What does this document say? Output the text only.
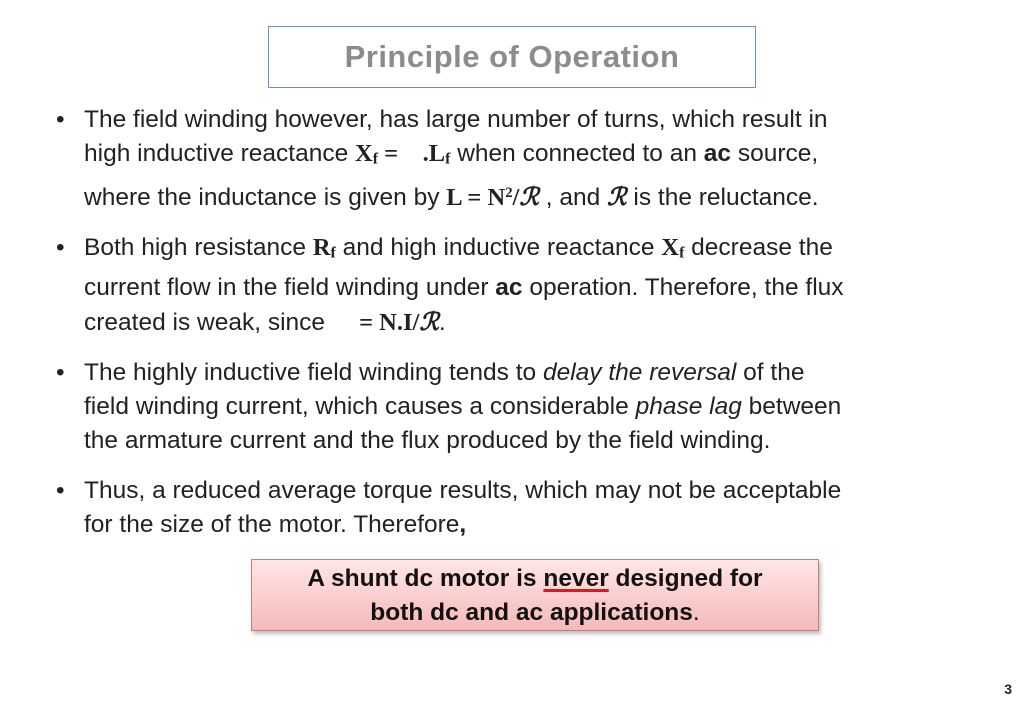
Principle of Operation
• The field winding however, has large number of turns, which result in
high inductive reactance Xf =    .Lf when connected to an ac source,
where the inductance is given by $L = N^2/ℛ$ , and ℛ is the reluctance.
• Both high resistance Rf and high inductive reactance Xf decrease the
current flow in the field winding under ac operation. Therefore, the flux
created is weak, since     = N.I/ℛ.
• The highly inductive field winding tends to delay the reversal of the
field winding current, which causes a considerable phase lag between
the armature current and the flux produced by the field winding.
• Thus, a reduced average torque results, which may not be acceptable
for the size of the motor. Therefore,
A shunt dc motor is never designed for
both dc and ac applications.
3
